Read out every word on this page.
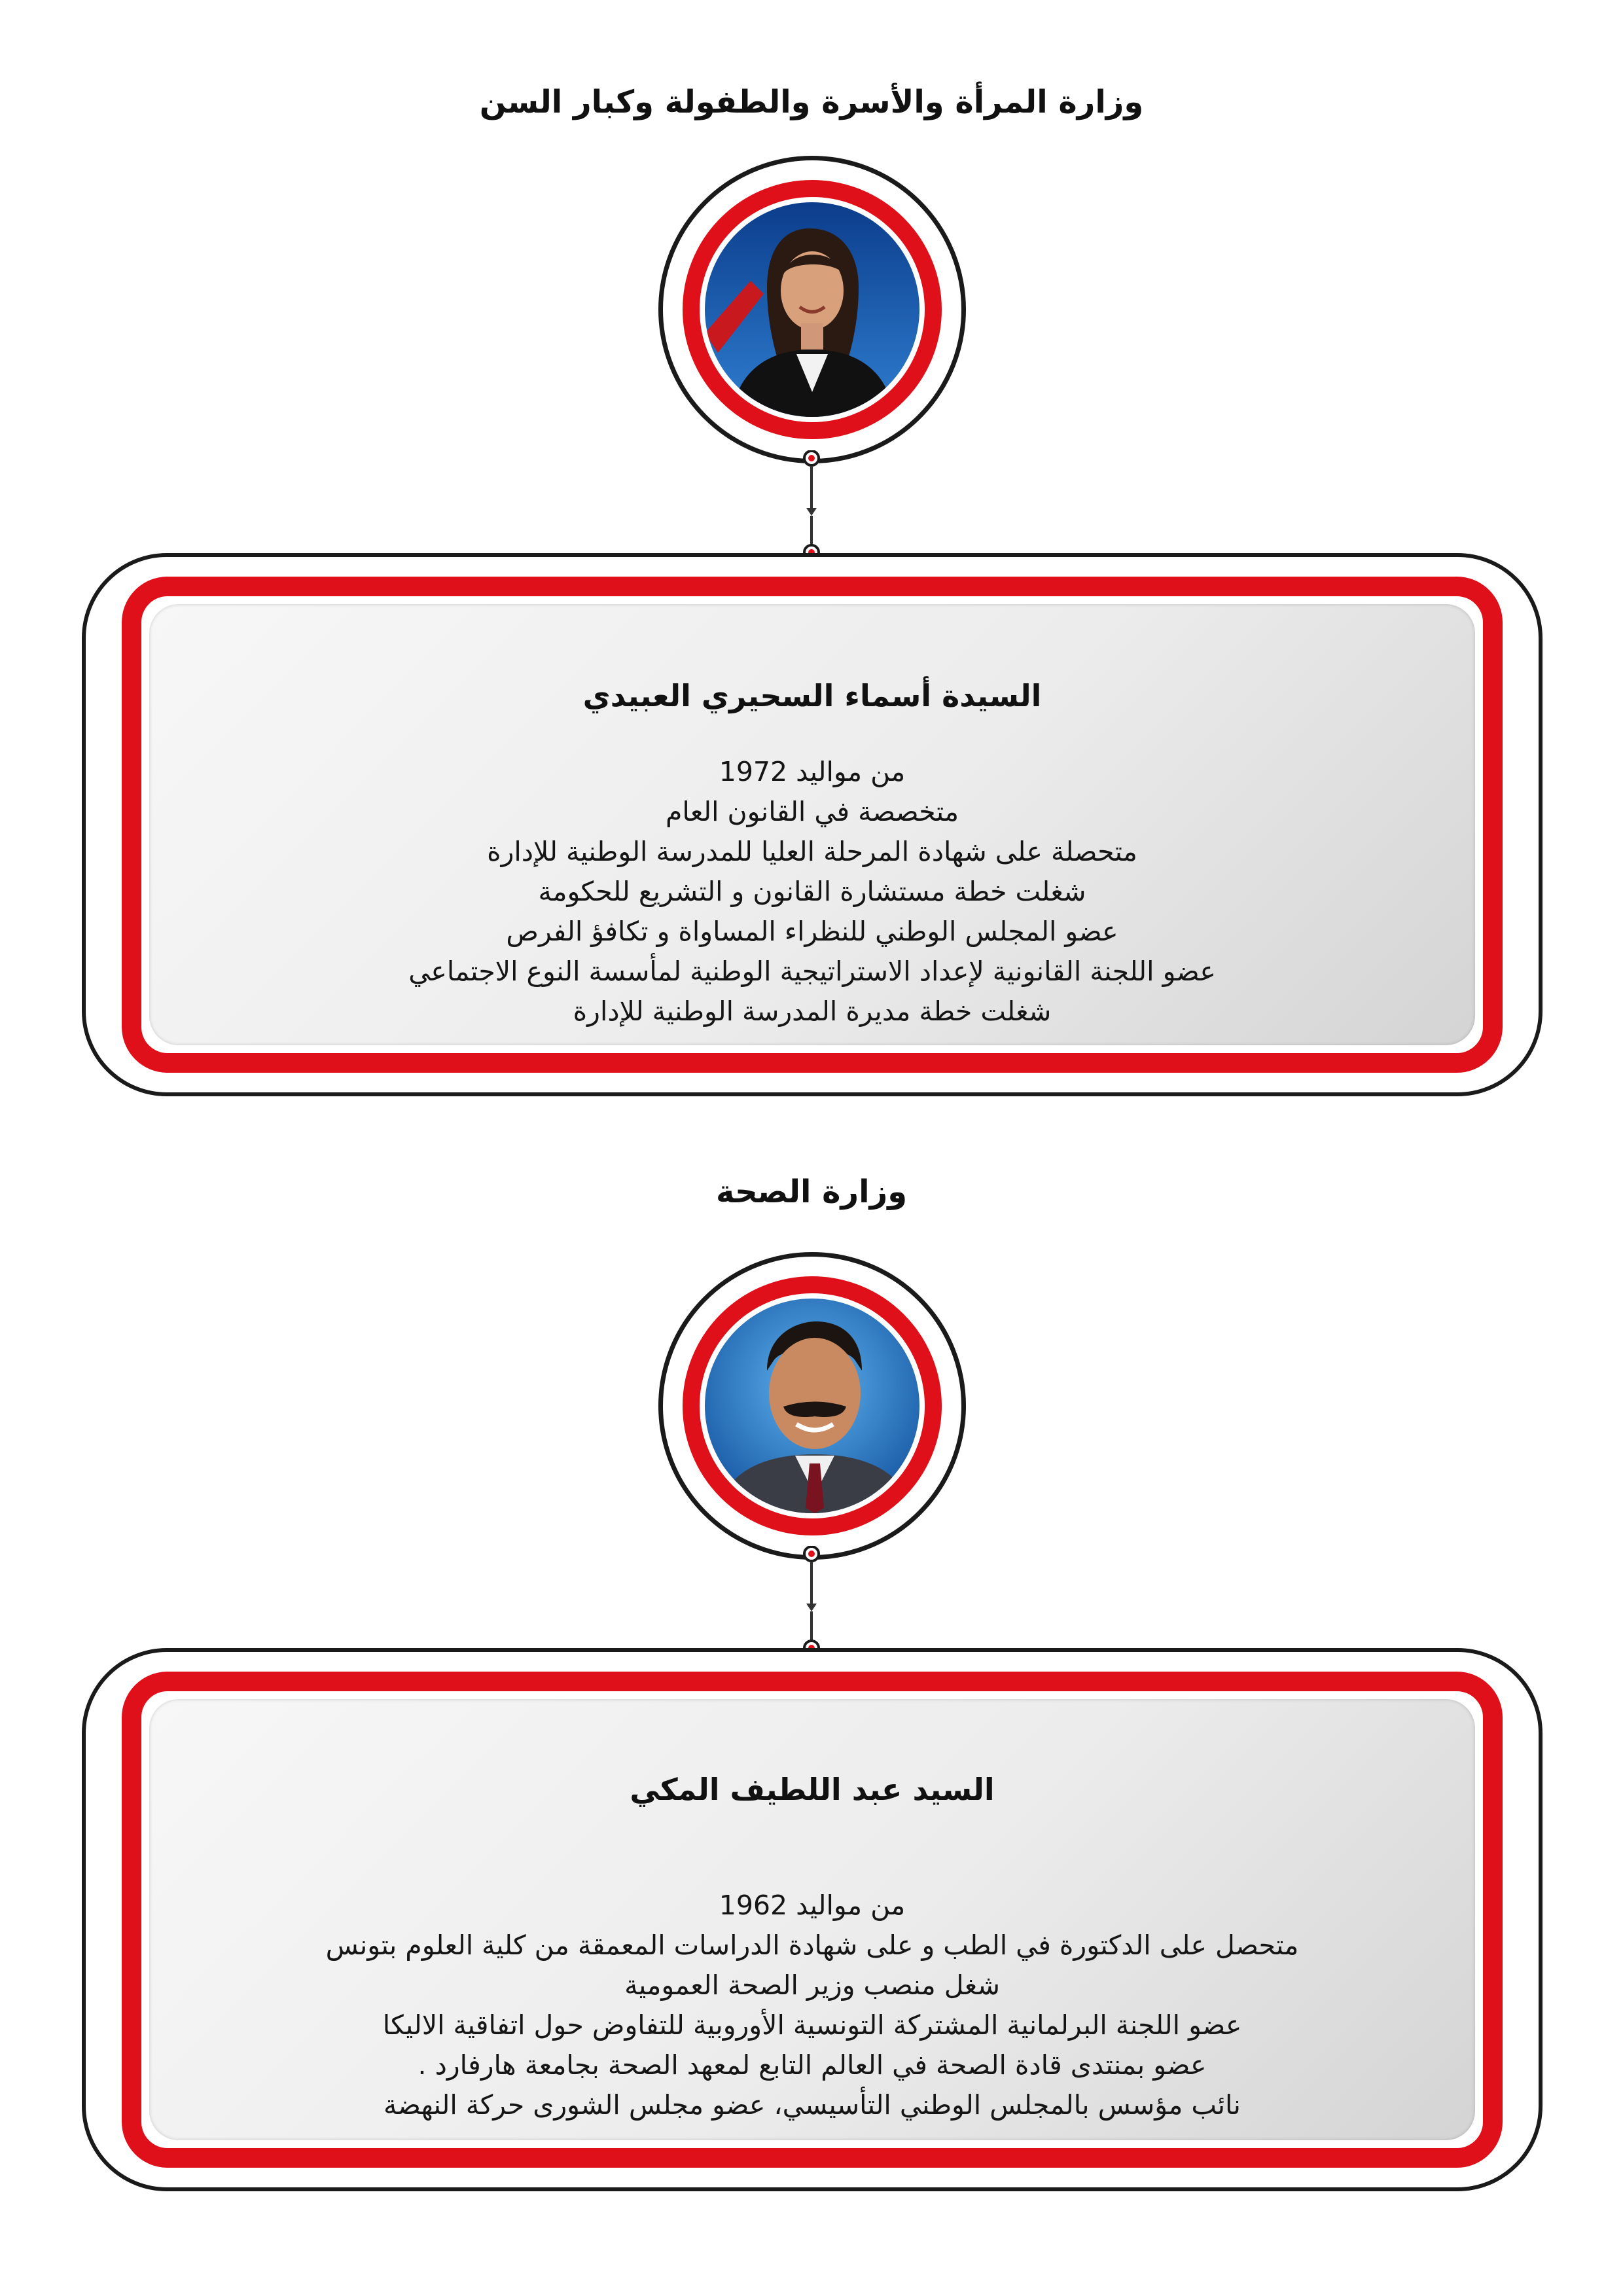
وزارة المرأة والأسرة والطفولة وكبار السن
السيدة أسماء السحيري العبيدي
من مواليد 1972
متخصصة في القانون العام
متحصلة على شهادة المرحلة العليا للمدرسة الوطنية للإدارة
شغلت خطة مستشارة القانون و التشريع للحكومة
عضو المجلس الوطني للنظراء المساواة و تكافؤ الفرص
عضو اللجنة القانونية لإعداد الاستراتيجية الوطنية لمأسسة النوع الاجتماعي
شغلت خطة مديرة المدرسة الوطنية للإدارة
وزارة الصحة
السيد عبد اللطيف المكي
من مواليد 1962
متحصل على الدكتورة في الطب و على شهادة الدراسات المعمقة من كلية العلوم بتونس
شغل منصب وزير الصحة العمومية
عضو اللجنة البرلمانية المشتركة التونسية الأوروبية للتفاوض حول اتفاقية الاليكا
عضو بمنتدى قادة الصحة في العالم التابع لمعهد الصحة بجامعة هارفارد .
نائب مؤسس بالمجلس الوطني التأسيسي، عضو مجلس الشورى حركة النهضة
